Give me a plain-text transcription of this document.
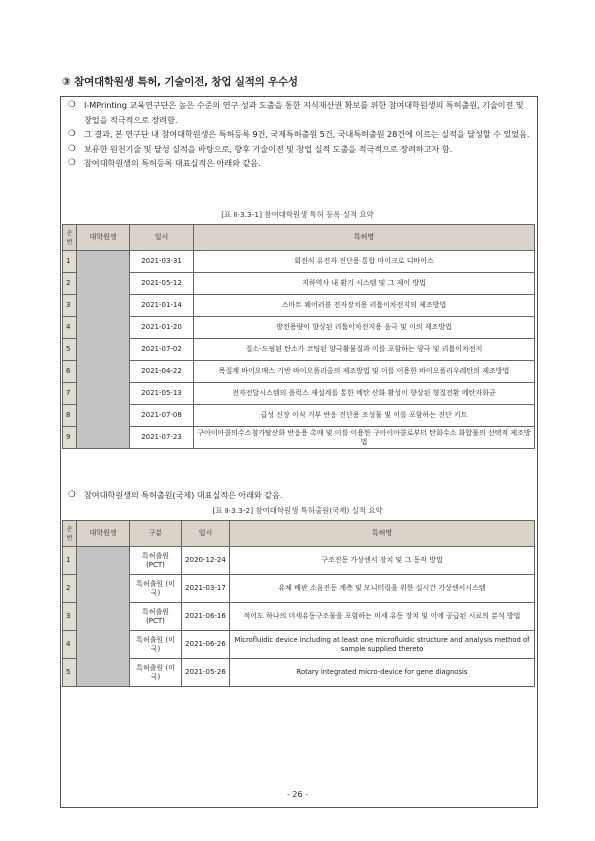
③ 참여대학원생 특허, 기술이전, 창업 실적의 우수성
❍ I-MPrinting 교육연구단은 높은 수준의 연구 성과 도출을 통한 지식재산권 확보를 위한 참여대학원생의 특허출원, 기술이전 및 창업을 적극적으로 장려함.
❍ 그 결과, 본 연구단 내 참여대학원생은 특허등록 9건, 국제특허출원 5건, 국내특허출원 28건에 이르는 실적을 달성할 수 있었음.
❍ 보유한 원천기술 및 달성 실적을 바탕으로, 향후 기술이전 및 창업 실적 도출을 적극적으로 장려하고자 함.
❍ 참여대학원생의 특허등록 대표실적은 아래와 같음.
[표 Ⅱ-3.3-1] 참여대학원생 특허 등록 실적 요약
순번	대학원생	일시	특허명
1		2021-03-31	회전식 유전자 진단용 통합 마이크로 디바이스
2		2021-05-12	지하역사 내 환기 시스템 및 그 제어 방법
3		2021-01-14	스마트 웨어러블 전자장치용 리튬이차전지의 제조방법
4		2021-01-20	방전용량이 향상된 리튬이차전지용 음극 및 이의 제조방법
5		2021-07-02	질소-도핑된 탄소가 코팅된 양극활물질과 이를 포함하는 양극 및 리튬이차전지
6		2021-04-22	목질계 바이오매스 기반 바이오폴리올의 제조방법 및 이를 이용한 바이오폴리우레탄의 제조방법
7		2021-05-13	전자전달시스템의 플럭스 재설계를 통한 메탄 산화 활성이 향상된 형질전환 메탄자화균
8		2021-07-08	급성 신장 이식 거부 반응 진단용 조성물 및 이를 포함하는 진단 키트
9		2021-07-23	구아이아콜의수소첨가탈산화 반응용 촉매 및 이를 이용한 구아이아콜로부터 탄화수소 화합물의 선택적 제조방법
❍ 참여대학원생의 특허출원(국제) 대표실적은 아래와 같음.
[표 Ⅱ-3.3-2] 참여대학원생 특허출원(국제) 실적 요약
순번	대학원생	구분	일시	특허명
1		특허출원 (PCT)	2020-12-24	구조진동 가상센서 장치 및 그 동작 방법
2		특허출원 (미국)	2021-03-17	유체 배관 소음진동 계측 및 모니터링을 위한 실시간 가상센서시스템
3		특허출원 (PCT)	2021-06-16	적어도 하나의 미세유동구조물을 포함하는 미세 유동 장치 및 이에 공급된 시료의 분석 방법
4		특허출원 (미국)	2021-06-26	Microfluidic device including at least one microfluidic structure and analysis method of sample supplied thereto
5		특허출원 (미국)	2021-05-26	Rotary integrated micro-device for gene diagnosis
- 26 -
